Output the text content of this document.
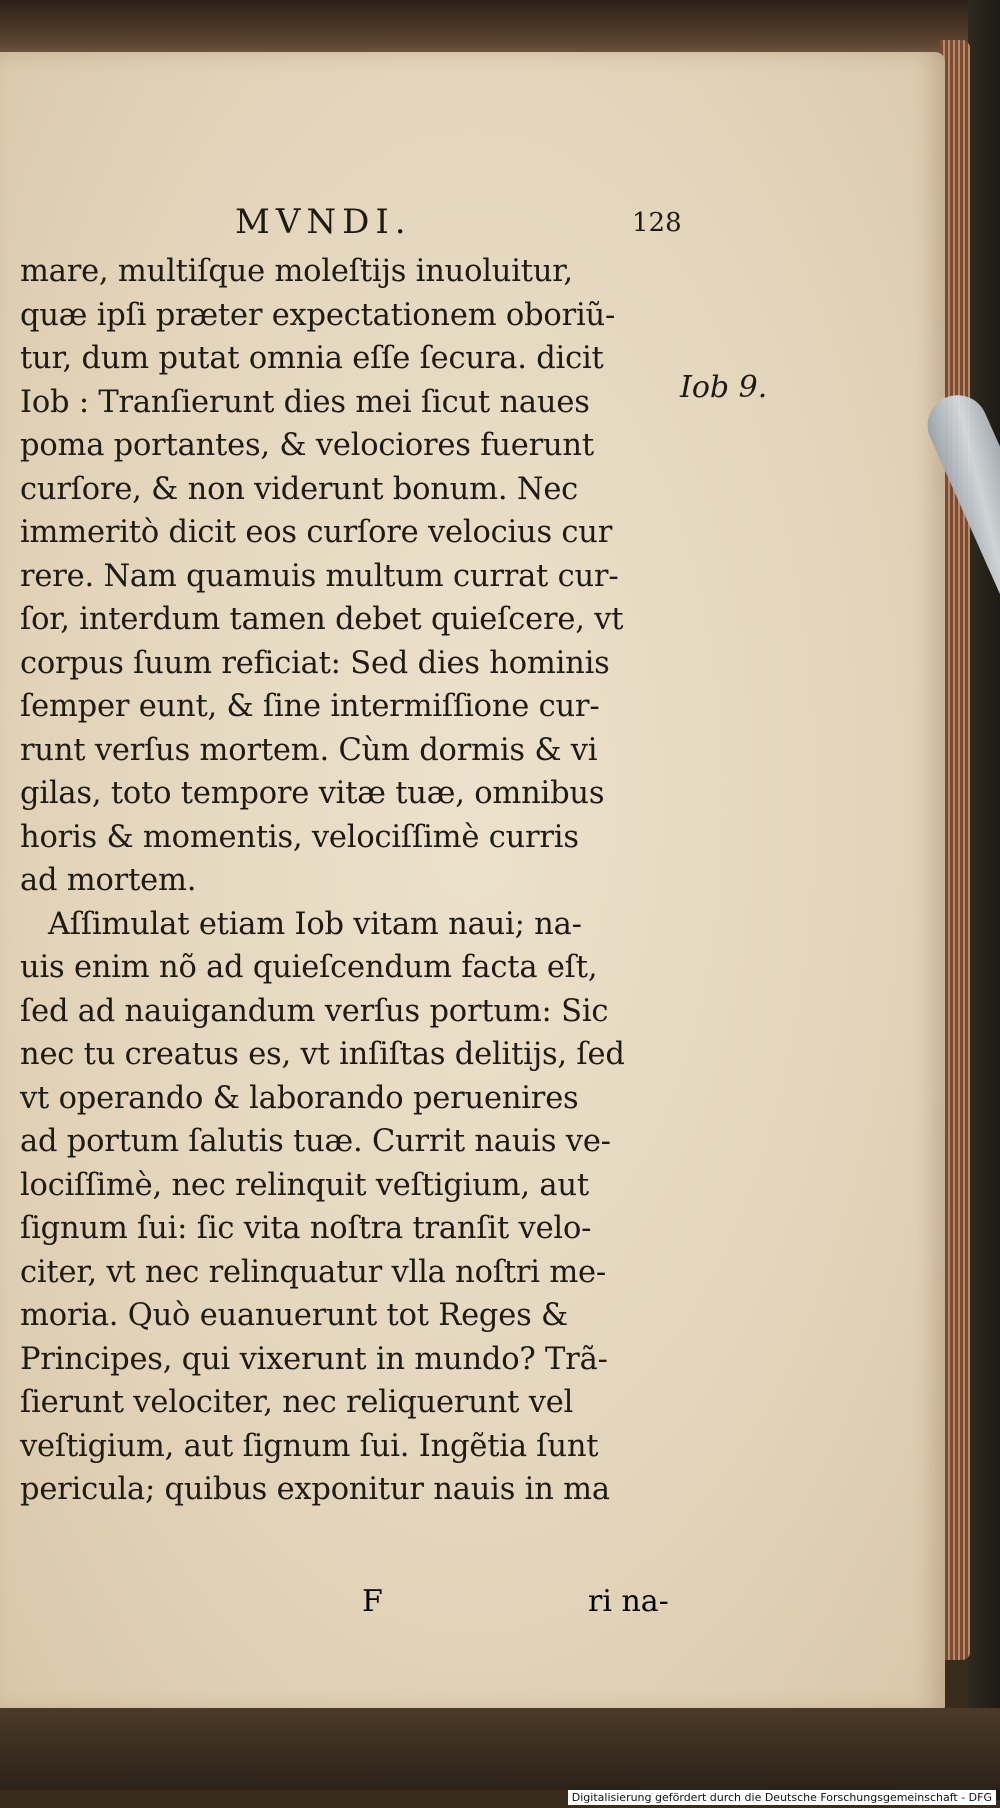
MVNDI.	128
mare, multiſque moleſtijs inuoluitur,
quæ ipſi præter expectationem oboriũ-
tur, dum putat omnia eſſe ſecura. dicit
Iob : Tranſierunt dies mei ſicut naues
poma portantes, & velociores fuerunt
curſore, & non viderunt bonum. Nec
immeritò dicit eos curſore velocius cur
rere. Nam quamuis multum currat cur-
ſor, interdum tamen debet quieſcere, vt
corpus ſuum reficiat: Sed dies hominis
ſemper eunt, & ſine intermiſſione cur-
runt verſus mortem. Cùm dormis & vi
gilas, toto tempore vitæ tuæ, omnibus
horis & momentis, velociſſimè curris
ad mortem.
Aſſimulat etiam Iob vitam naui; na-
uis enim nõ ad quieſcendum facta eſt,
ſed ad nauigandum verſus portum: Sic
nec tu creatus es, vt inſiſtas delitijs, ſed
vt operando & laborando peruenires
ad portum ſalutis tuæ. Currit nauis ve-
lociſſimè, nec relinquit veſtigium, aut
ſignum ſui: ſic vita noſtra tranſit velo-
citer, vt nec relinquatur vlla noſtri me-
moria. Quò euanuerunt tot Reges &
Principes, qui vixerunt in mundo? Trã-
ſierunt velociter, nec reliquerunt vel
veſtigium, aut ſignum ſui. Ingẽtia ſunt
pericula; quibus exponitur nauis in ma
Iob 9.
F	ri na-
Digitalisierung gefördert durch die Deutsche Forschungsgemeinschaft - DFG
